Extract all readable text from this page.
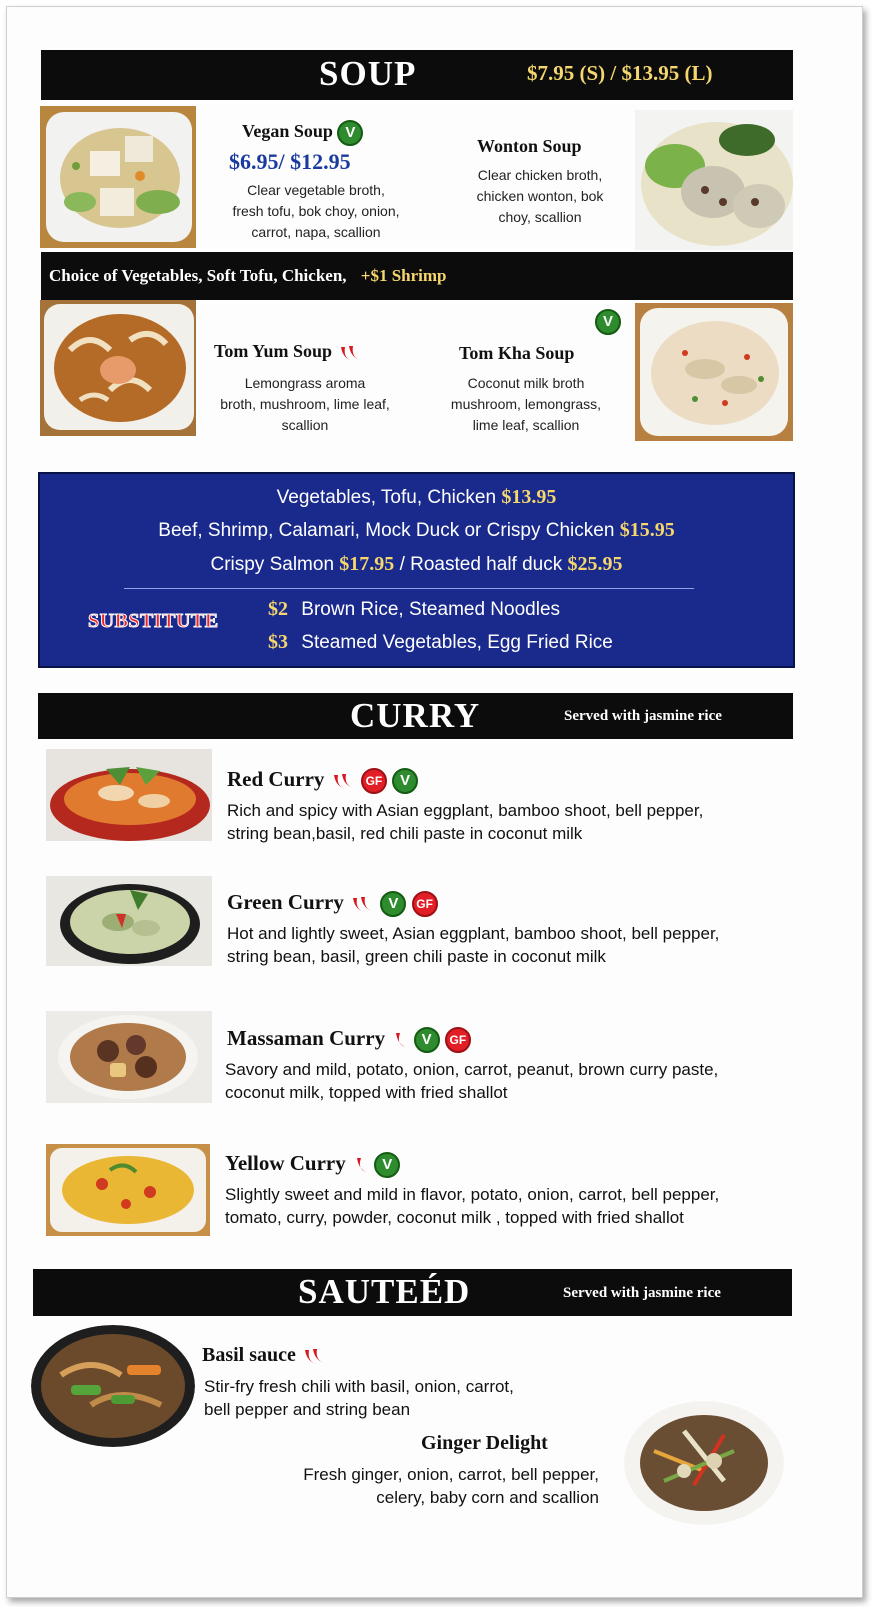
SOUP	$7.95 (S) / $13.95 (L)
Vegan Soup V
$6.95/ $12.95
Clear vegetable broth,
fresh tofu, bok choy, onion,
carrot, napa, scallion
Wonton Soup
Clear chicken broth,
chicken wonton, bok
choy, scallion
Choice of Vegetables, Soft Tofu, Chicken, +$1 Shrimp
Tom Yum Soup
Lemongrass aroma
broth, mushroom, lime leaf,
scallion
V
Tom Kha Soup
Coconut milk broth
mushroom, lemongrass,
lime leaf, scallion
Vegetables, Tofu, Chicken $13.95
Beef, Shrimp, Calamari, Mock Duck or Crispy Chicken $15.95
Crispy Salmon $17.95 / Roasted half duck $25.95
SUBSTITUTE
$2 Brown Rice, Steamed Noodles
$3 Steamed Vegetables, Egg Fried Rice
CURRY	Served with jasmine rice
Red Curry	GF V
Rich and spicy with Asian eggplant, bamboo shoot, bell pepper,
string bean,basil, red chili paste in coconut milk
Green Curry	V GF
Hot and lightly sweet, Asian eggplant, bamboo shoot, bell pepper,
string bean, basil, green chili paste in coconut milk
Massaman Curry V GF
Savory and mild, potato, onion, carrot, peanut, brown curry paste,
coconut milk, topped with fried shallot
Yellow Curry V
Slightly sweet and mild in flavor, potato, onion, carrot, bell pepper,
tomato, curry, powder, coconut milk , topped with fried shallot
SAUTEÉD	Served with jasmine rice
Basil sauce
Stir-fry fresh chili with basil, onion, carrot,
bell pepper and string bean
Ginger Delight
Fresh ginger, onion, carrot, bell pepper,
celery, baby corn and scallion
